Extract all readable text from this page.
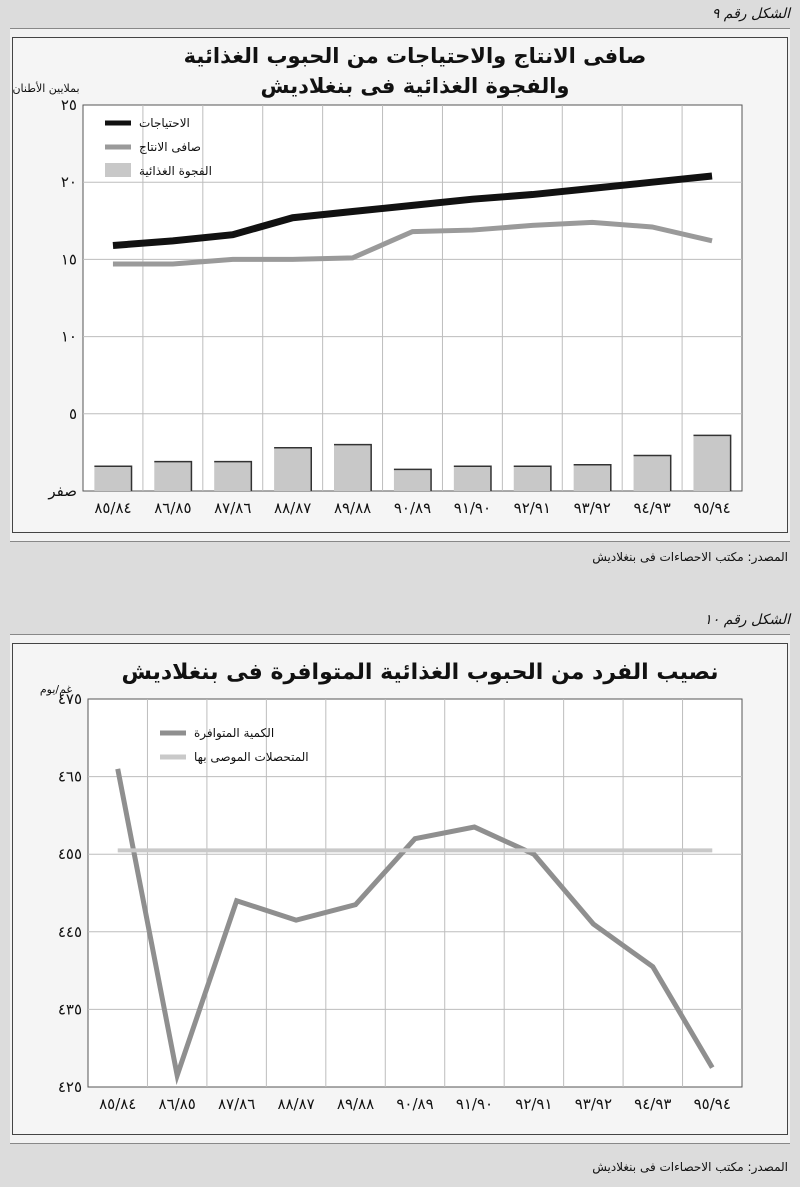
الشكل رقم ٩
صفر
٥
١٠
١٥
٢٠
٢٥
٨٥/٨٤ ٨٦/٨٥ ٨٧/٨٦ ٨٨/٨٧ ٨٩/٨٨ ٩٠/٨٩ ٩١/٩٠ ٩٢/٩١ ٩٣/٩٢ ٩٤/٩٣ ٩٥/٩٤
صافى الانتاج والاحتياجات من الحبوب الغذائية
والفجوة الغذائية فى بنغلاديش
بملايين الأطنان
الاحتياجات
صافى الانتاج
الفجوة الغذائية
المصدر: مكتب الاحصاءات فى بنغلاديش
الشكل رقم ١٠
٤٢٥
٤٣٥
٤٤٥
٤٥٥
٤٦٥
٤٧٥
٨٥/٨٤ ٨٦/٨٥ ٨٧/٨٦ ٨٨/٨٧ ٨٩/٨٨ ٩٠/٨٩ ٩١/٩٠ ٩٢/٩١ ٩٣/٩٢ ٩٤/٩٣ ٩٥/٩٤
نصيب الفرد من الحبوب الغذائية المتوافرة فى بنغلاديش
غم/يوم
الكمية المتوافرة
المتحصلات الموصى بها
المصدر: مكتب الاحصاءات فى بنغلاديش
